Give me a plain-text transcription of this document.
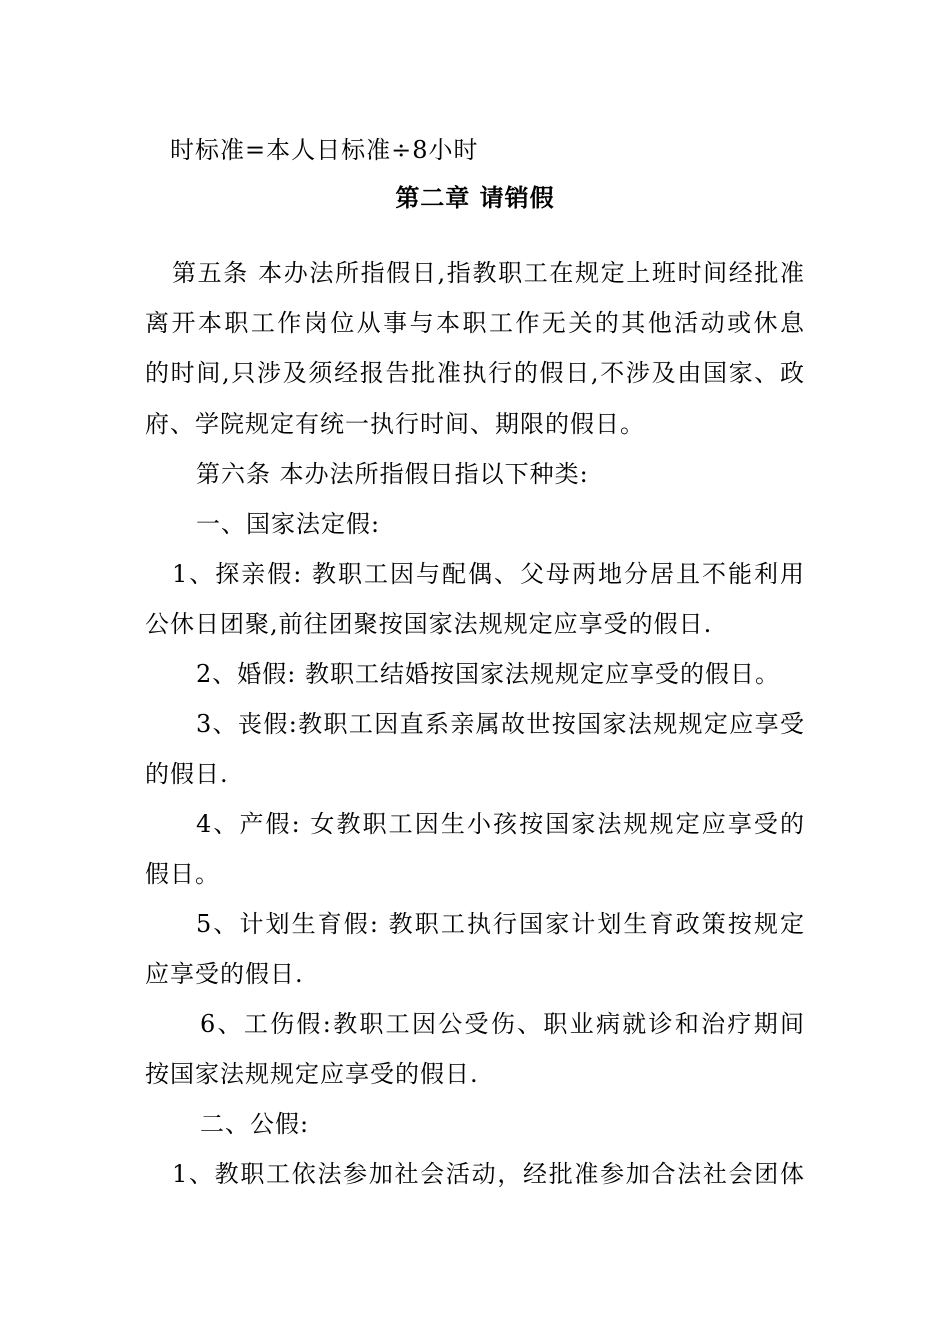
时标准=本人日标准÷8小时
第二章 请销假
第五条 本办法所指假日,指教职工在规定上班时间经批准
离开本职工作岗位从事与本职工作无关的其他活动或休息
的时间,只涉及须经报告批准执行的假日,不涉及由国家、政
府、学院规定有统一执行时间、期限的假日。
第六条 本办法所指假日指以下种类:
一、国家法定假:
1、探亲假: 教职工因与配偶、父母两地分居且不能利用
公休日团聚,前往团聚按国家法规规定应享受的假日.
2、婚假: 教职工结婚按国家法规规定应享受的假日。
3、丧假:教职工因直系亲属故世按国家法规规定应享受
的假日.
4、产假: 女教职工因生小孩按国家法规规定应享受的
假日。
5、计划生育假: 教职工执行国家计划生育政策按规定
应享受的假日.
6、工伤假:教职工因公受伤、职业病就诊和治疗期间
按国家法规规定应享受的假日.
二、公假:
1、教职工依法参加社会活动，经批准参加合法社会团体
